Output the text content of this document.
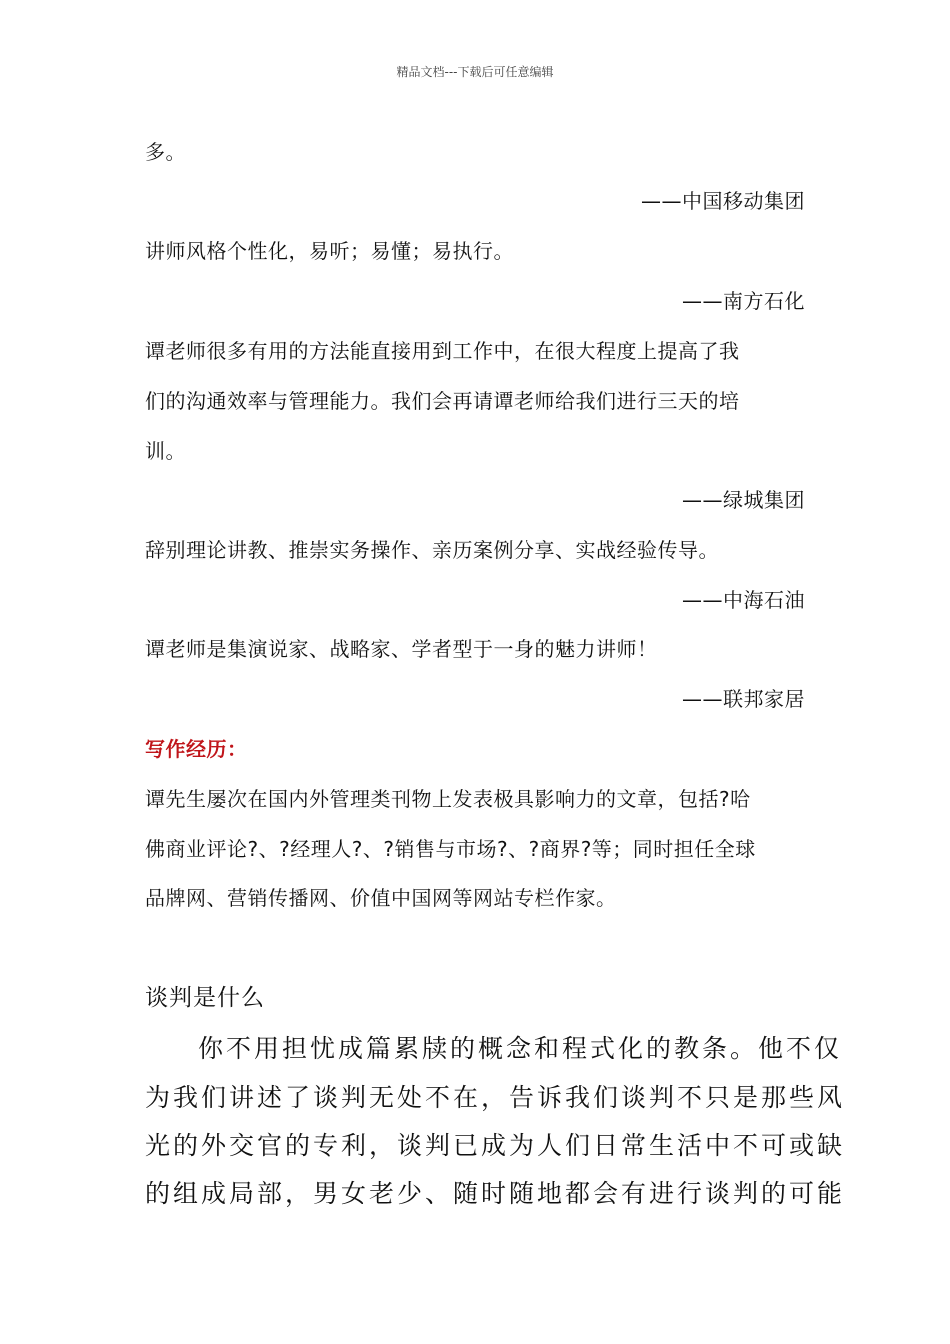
精品文档---下载后可任意编辑
多。
——中国移动集团
讲师风格个性化，易听；易懂；易执行。
——南方石化
谭老师很多有用的方法能直接用到工作中，在很大程度上提高了我
们的沟通效率与管理能力。我们会再请谭老师给我们进行三天的培
训。
——绿城集团
辞别理论讲教、推崇实务操作、亲历案例分享、实战经验传导。
——中海石油
谭老师是集演说家、战略家、学者型于一身的魅力讲师！
——联邦家居
写作经历：
谭先生屡次在国内外管理类刊物上发表极具影响力的文章，包括?哈
佛商业评论?、?经理人?、?销售与市场?、?商界?等；同时担任全球
品牌网、营销传播网、价值中国网等网站专栏作家。
谈判是什么
你不用担忧成篇累牍的概念和程式化的教条。他不仅
为我们讲述了谈判无处不在，告诉我们谈判不只是那些风
光的外交官的专利，谈判已成为人们日常生活中不可或缺
的组成局部，男女老少、随时随地都会有进行谈判的可能
